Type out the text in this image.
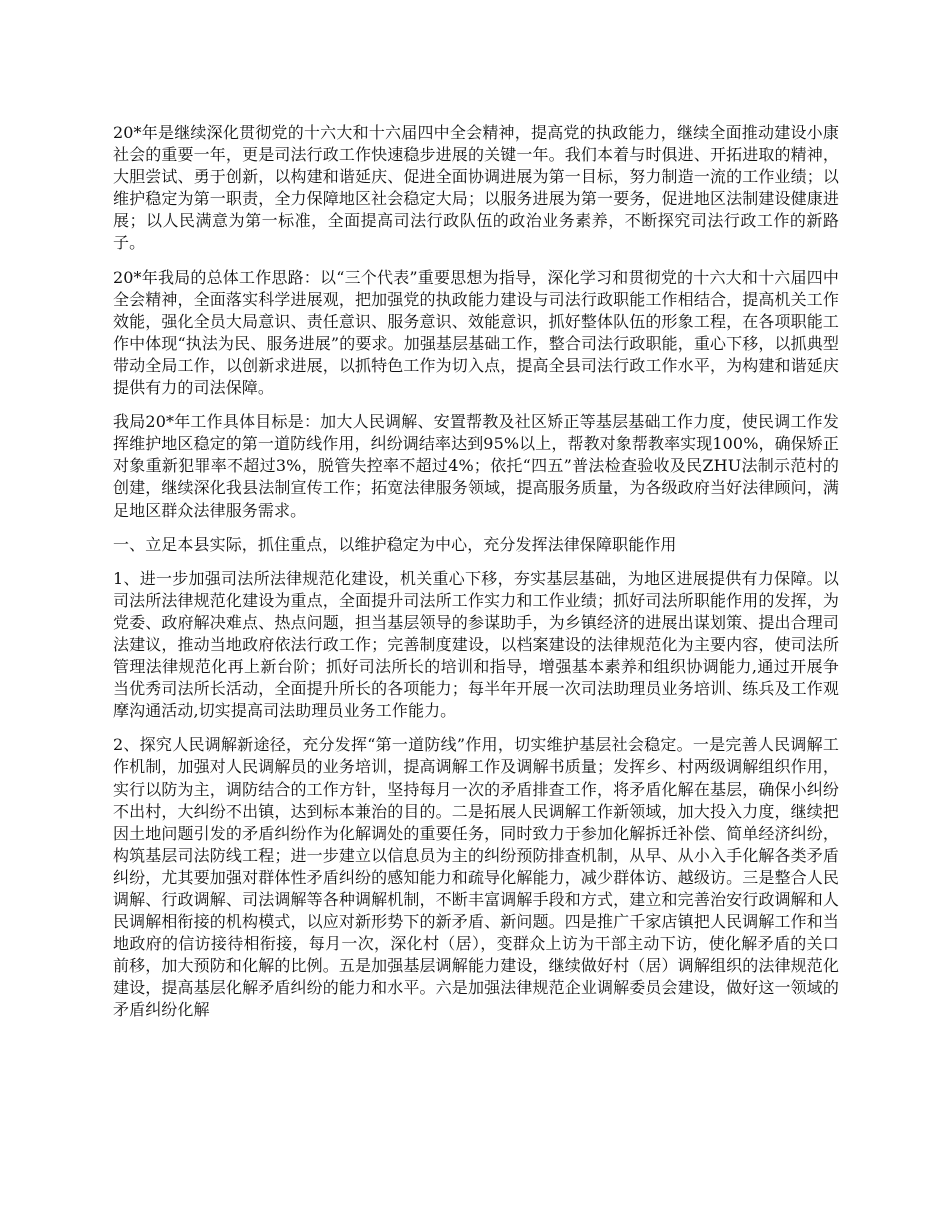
20*年是继续深化贯彻党的十六大和十六届四中全会精神，提高党的执政能力，继续全面推动建设小康社会的重要一年，更是司法行政工作快速稳步进展的关键一年。我们本着与时俱进、开拓进取的精神，大胆尝试、勇于创新，以构建和谐延庆、促进全面协调进展为第一目标，努力制造一流的工作业绩；以维护稳定为第一职责，全力保障地区社会稳定大局；以服务进展为第一要务，促进地区法制建设健康进展；以人民满意为第一标准，全面提高司法行政队伍的政治业务素养，不断探究司法行政工作的新路子。

20*年我局的总体工作思路：以“三个代表”重要思想为指导，深化学习和贯彻党的十六大和十六届四中全会精神，全面落实科学进展观，把加强党的执政能力建设与司法行政职能工作相结合，提高机关工作效能，强化全员大局意识、责任意识、服务意识、效能意识，抓好整体队伍的形象工程，在各项职能工作中体现“执法为民、服务进展”的要求。加强基层基础工作，整合司法行政职能，重心下移，以抓典型带动全局工作，以创新求进展，以抓特色工作为切入点，提高全县司法行政工作水平，为构建和谐延庆提供有力的司法保障。

我局20*年工作具体目标是：加大人民调解、安置帮教及社区矫正等基层基础工作力度，使民调工作发挥维护地区稳定的第一道防线作用，纠纷调结率达到95%以上，帮教对象帮教率实现100%，确保矫正对象重新犯罪率不超过3%，脱管失控率不超过4%；依托“四五”普法检查验收及民ZHU法制示范村的创建，继续深化我县法制宣传工作；拓宽法律服务领域，提高服务质量，为各级政府当好法律顾问，满足地区群众法律服务需求。

一、立足本县实际，抓住重点，以维护稳定为中心，充分发挥法律保障职能作用

1、进一步加强司法所法律规范化建设，机关重心下移，夯实基层基础，为地区进展提供有力保障。以司法所法律规范化建设为重点，全面提升司法所工作实力和工作业绩；抓好司法所职能作用的发挥，为党委、政府解决难点、热点问题，担当基层领导的参谋助手，为乡镇经济的进展出谋划策、提出合理司法建议，推动当地政府依法行政工作；完善制度建设，以档案建设的法律规范化为主要内容，使司法所管理法律规范化再上新台阶；抓好司法所长的培训和指导，增强基本素养和组织协调能力,通过开展争当优秀司法所长活动，全面提升所长的各项能力；每半年开展一次司法助理员业务培训、练兵及工作观摩沟通活动,切实提高司法助理员业务工作能力。

2、探究人民调解新途径，充分发挥“第一道防线”作用，切实维护基层社会稳定。一是完善人民调解工作机制，加强对人民调解员的业务培训，提高调解工作及调解书质量；发挥乡、村两级调解组织作用，实行以防为主，调防结合的工作方针，坚持每月一次的矛盾排查工作，将矛盾化解在基层，确保小纠纷不出村，大纠纷不出镇，达到标本兼治的目的。二是拓展人民调解工作新领域，加大投入力度，继续把因土地问题引发的矛盾纠纷作为化解调处的重要任务，同时致力于参加化解拆迁补偿、简单经济纠纷，构筑基层司法防线工程；进一步建立以信息员为主的纠纷预防排查机制，从早、从小入手化解各类矛盾纠纷，尤其要加强对群体性矛盾纠纷的感知能力和疏导化解能力，减少群体访、越级访。三是整合人民调解、行政调解、司法调解等各种调解机制，不断丰富调解手段和方式，建立和完善治安行政调解和人民调解相衔接的机构模式，以应对新形势下的新矛盾、新问题。四是推广千家店镇把人民调解工作和当地政府的信访接待相衔接，每月一次，深化村（居），变群众上访为干部主动下访，使化解矛盾的关口前移，加大预防和化解的比例。五是加强基层调解能力建设，继续做好村（居）调解组织的法律规范化建设，提高基层化解矛盾纠纷的能力和水平。六是加强法律规范企业调解委员会建设，做好这一领域的矛盾纠纷化解
